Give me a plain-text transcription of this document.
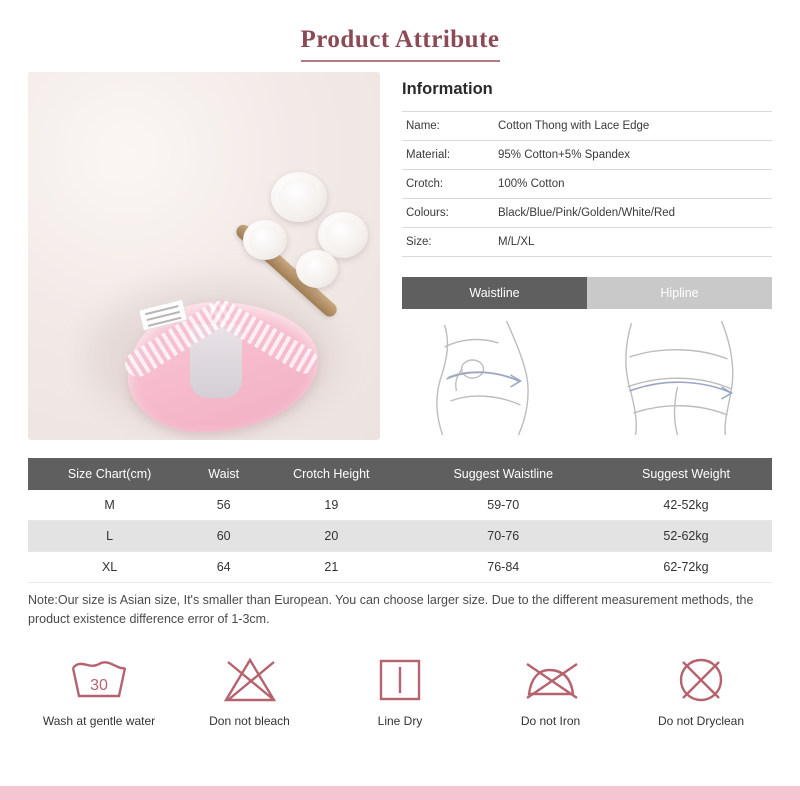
Product Attribute
Information
Name:	Cotton Thong with Lace Edge
Material:	95% Cotton+5% Spandex
Crotch:	100% Cotton
Colours:	Black/Blue/Pink/Golden/White/Red
Size:	M/L/XL
Waistline	Hipline
Size Chart(cm)	Waist	Crotch Height	Suggest Waistline	Suggest Weight
M	56	19	59-70	42-52kg
L	60	20	70-76	52-62kg
XL	64	21	76-84	62-72kg
Note:Our size is Asian size, It's smaller than European. You can choose larger size. Due to the different measurement methods, the product existence difference error of 1-3cm.
30
Wash at gentle water	Don not bleach	Line Dry	Do not Iron	Do not Dryclean
